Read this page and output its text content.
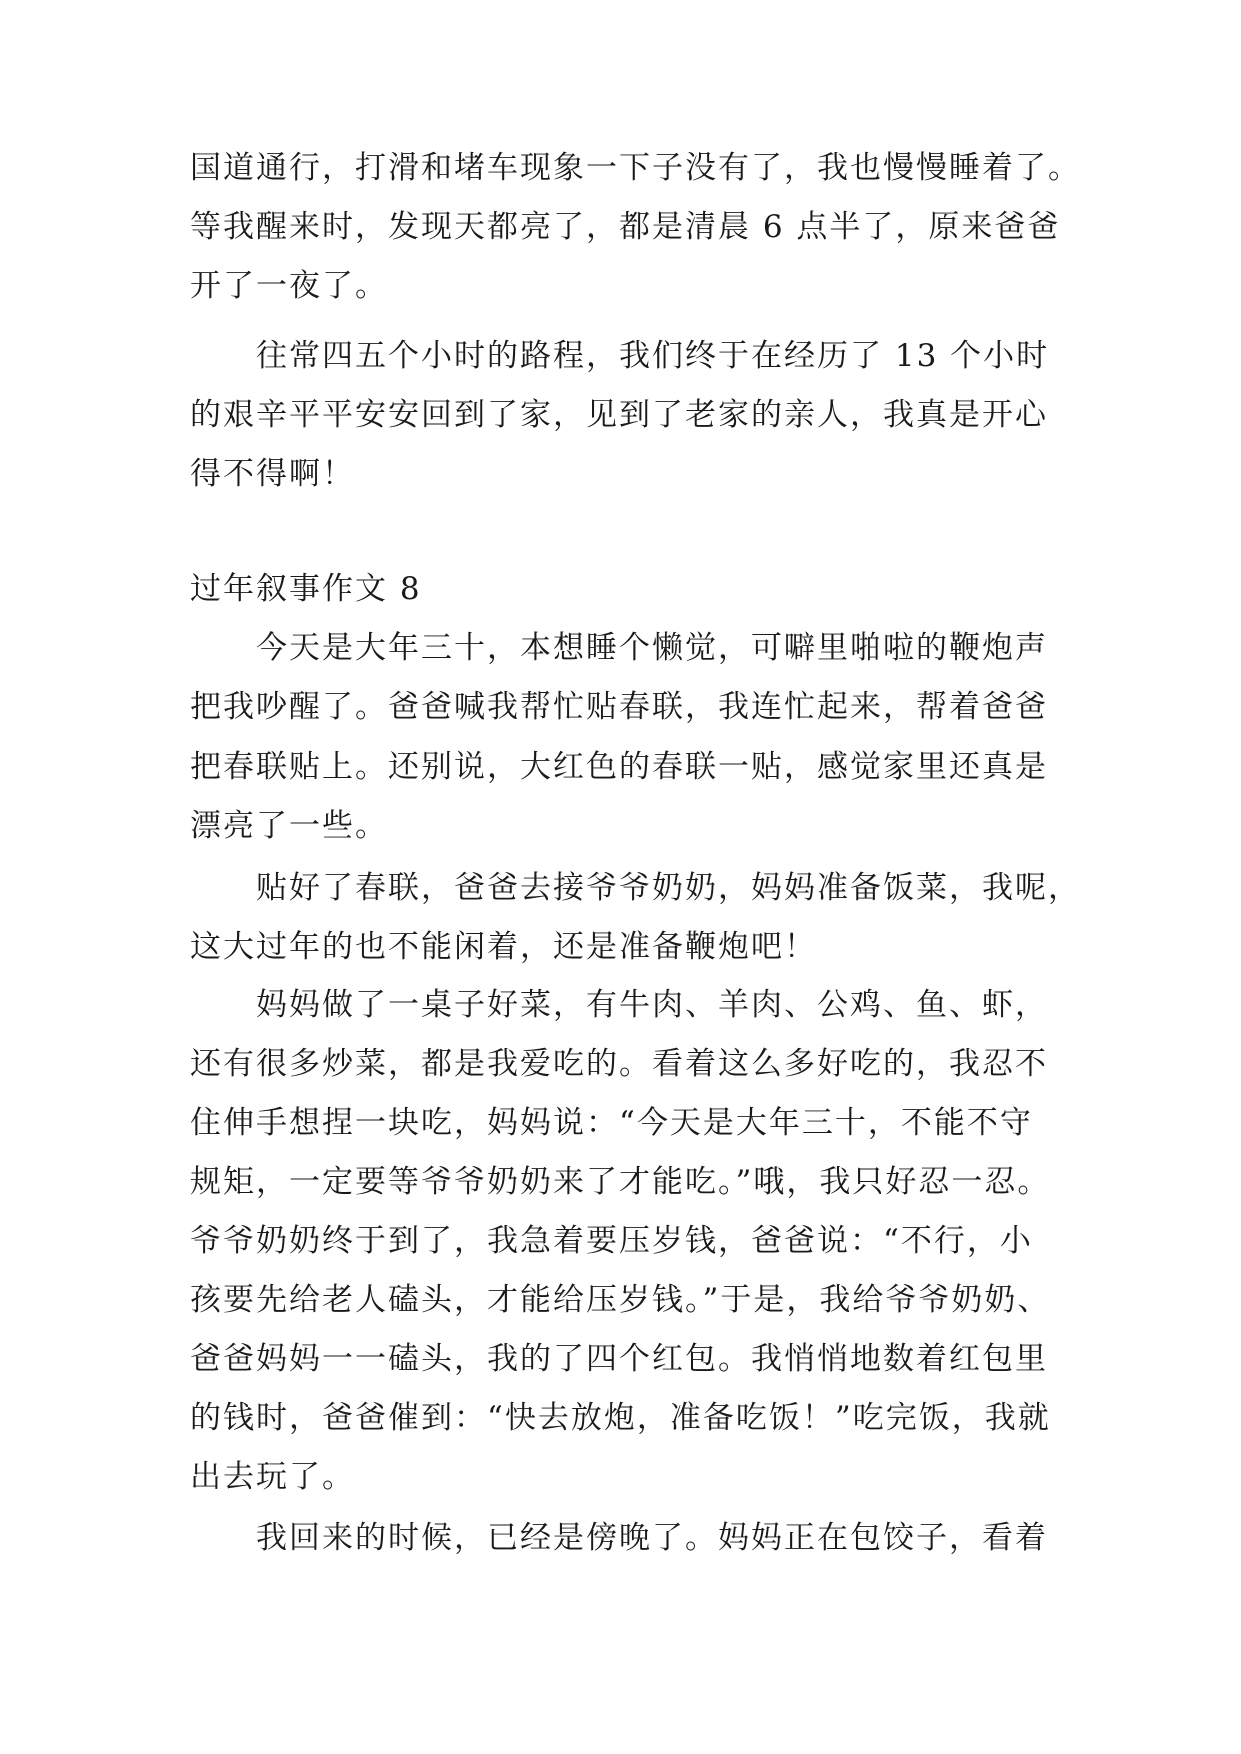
国道通行，打滑和堵车现象一下子没有了，我也慢慢睡着了。
等我醒来时，发现天都亮了，都是清晨 6 点半了，原来爸爸
开了一夜了。
往常四五个小时的路程，我们终于在经历了 13 个小时
的艰辛平平安安回到了家，见到了老家的亲人，我真是开心
得不得啊！
过年叙事作文 8
今天是大年三十，本想睡个懒觉，可噼里啪啦的鞭炮声
把我吵醒了。爸爸喊我帮忙贴春联，我连忙起来，帮着爸爸
把春联贴上。还别说，大红色的春联一贴，感觉家里还真是
漂亮了一些。
贴好了春联，爸爸去接爷爷奶奶，妈妈准备饭菜，我呢，
这大过年的也不能闲着，还是准备鞭炮吧！
妈妈做了一桌子好菜，有牛肉、羊肉、公鸡、鱼、虾，
还有很多炒菜，都是我爱吃的。看着这么多好吃的，我忍不
住伸手想捏一块吃，妈妈说：“今天是大年三十，不能不守
规矩，一定要等爷爷奶奶来了才能吃。”哦，我只好忍一忍。
爷爷奶奶终于到了，我急着要压岁钱，爸爸说：“不行，小
孩要先给老人磕头，才能给压岁钱。”于是，我给爷爷奶奶、
爸爸妈妈一一磕头，我的了四个红包。我悄悄地数着红包里
的钱时，爸爸催到：“快去放炮，准备吃饭！”吃完饭，我就
出去玩了。
我回来的时候，已经是傍晚了。妈妈正在包饺子，看着
